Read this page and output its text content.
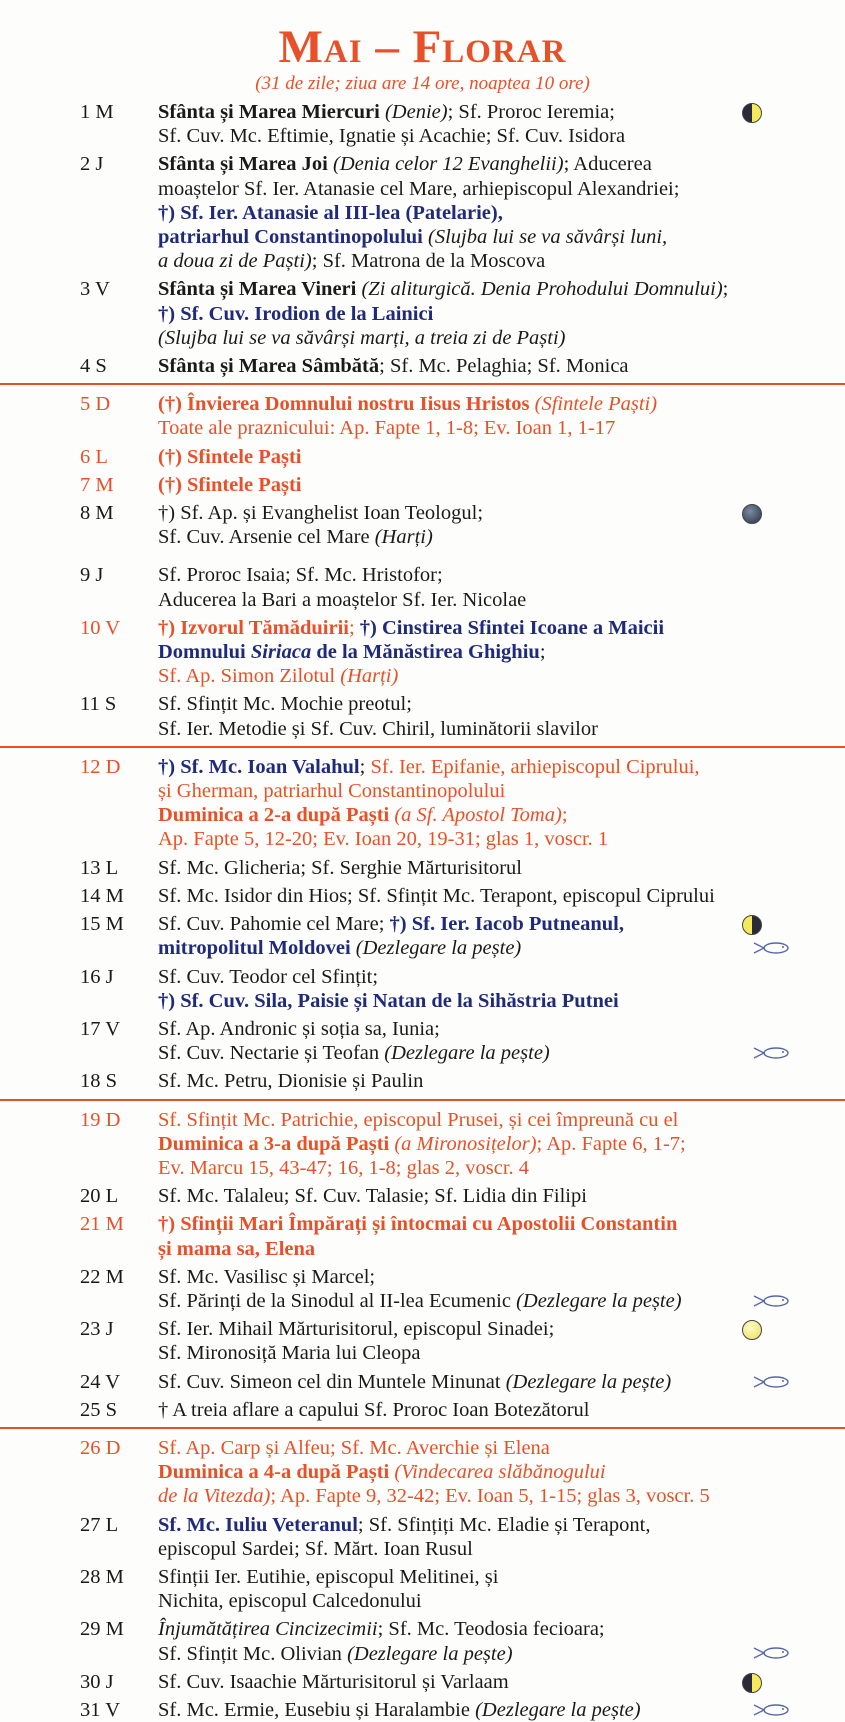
Mai – Florar
(31 de zile; ziua are 14 ore, noaptea 10 ore)
1 M	Sfânta și Marea Miercuri (Denie); Sf. Proroc Ieremia;
Sf. Cuv. Mc. Eftimie, Ignatie și Acachie; Sf. Cuv. Isidora
2 J	Sfânta și Marea Joi (Denia celor 12 Evanghelii); Aducerea
moaștelor Sf. Ier. Atanasie cel Mare, arhiepiscopul Alexandriei;
†) Sf. Ier. Atanasie al III-lea (Patelarie),
patriarhul Constantinopolului (Slujba lui se va săvârși luni,
a doua zi de Paști); Sf. Matrona de la Moscova
3 V	Sfânta și Marea Vineri (Zi aliturgică. Denia Prohodului Domnului);
†) Sf. Cuv. Irodion de la Lainici
(Slujba lui se va săvârși marți, a treia zi de Paști)
4 S	Sfânta și Marea Sâmbătă; Sf. Mc. Pelaghia; Sf. Monica
5 D	(†) Învierea Domnului nostru Iisus Hristos (Sfintele Paști)
Toate ale praznicului: Ap. Fapte 1, 1-8; Ev. Ioan 1, 1-17
6 L	(†) Sfintele Paști
7 M	(†) Sfintele Paști
8 M	†) Sf. Ap. și Evanghelist Ioan Teologul;
Sf. Cuv. Arsenie cel Mare (Harți)
9 J	Sf. Proroc Isaia; Sf. Mc. Hristofor;
Aducerea la Bari a moaștelor Sf. Ier. Nicolae
10 V	†) Izvorul Tămăduirii; †) Cinstirea Sfintei Icoane a Maicii
Domnului Siriaca de la Mănăstirea Ghighiu;
Sf. Ap. Simon Zilotul (Harți)
11 S	Sf. Sfințit Mc. Mochie preotul;
Sf. Ier. Metodie și Sf. Cuv. Chiril, luminătorii slavilor
12 D	†) Sf. Mc. Ioan Valahul; Sf. Ier. Epifanie, arhiepiscopul Ciprului,
și Gherman, patriarhul Constantinopolului
Duminica a 2-a după Paști (a Sf. Apostol Toma);
Ap. Fapte 5, 12-20; Ev. Ioan 20, 19-31; glas 1, voscr. 1
13 L	Sf. Mc. Glicheria; Sf. Serghie Mărturisitorul
14 M	Sf. Mc. Isidor din Hios; Sf. Sfințit Mc. Terapont, episcopul Ciprului
15 M	Sf. Cuv. Pahomie cel Mare; †) Sf. Ier. Iacob Putneanul,
mitropolitul Moldovei (Dezlegare la pește)
16 J	Sf. Cuv. Teodor cel Sfințit;
†) Sf. Cuv. Sila, Paisie și Natan de la Sihăstria Putnei
17 V	Sf. Ap. Andronic și soția sa, Iunia;
Sf. Cuv. Nectarie și Teofan (Dezlegare la pește)
18 S	Sf. Mc. Petru, Dionisie și Paulin
19 D	Sf. Sfințit Mc. Patrichie, episcopul Prusei, și cei împreună cu el
Duminica a 3-a după Paști (a Mironosițelor); Ap. Fapte 6, 1-7;
Ev. Marcu 15, 43-47; 16, 1-8; glas 2, voscr. 4
20 L	Sf. Mc. Talaleu; Sf. Cuv. Talasie; Sf. Lidia din Filipi
21 M	†) Sfinții Mari Împărați și întocmai cu Apostolii Constantin
și mama sa, Elena
22 M	Sf. Mc. Vasilisc și Marcel;
Sf. Părinți de la Sinodul al II-lea Ecumenic (Dezlegare la pește)
23 J	Sf. Ier. Mihail Mărturisitorul, episcopul Sinadei;
Sf. Mironosiță Maria lui Cleopa
24 V	Sf. Cuv. Simeon cel din Muntele Minunat (Dezlegare la pește)
25 S	† A treia aflare a capului Sf. Proroc Ioan Botezătorul
26 D	Sf. Ap. Carp și Alfeu; Sf. Mc. Averchie și Elena
Duminica a 4-a după Paști (Vindecarea slăbănogului
de la Vitezda); Ap. Fapte 9, 32-42; Ev. Ioan 5, 1-15; glas 3, voscr. 5
27 L	Sf. Mc. Iuliu Veteranul; Sf. Sfințiți Mc. Eladie și Terapont,
episcopul Sardei; Sf. Mărt. Ioan Rusul
28 M	Sfinții Ier. Eutihie, episcopul Melitinei, și
Nichita, episcopul Calcedonului
29 M	Înjumătățirea Cincizecimii; Sf. Mc. Teodosia fecioara;
Sf. Sfințit Mc. Olivian (Dezlegare la pește)
30 J	Sf. Cuv. Isaachie Mărturisitorul și Varlaam
31 V	Sf. Mc. Ermie, Eusebiu și Haralambie (Dezlegare la pește)
